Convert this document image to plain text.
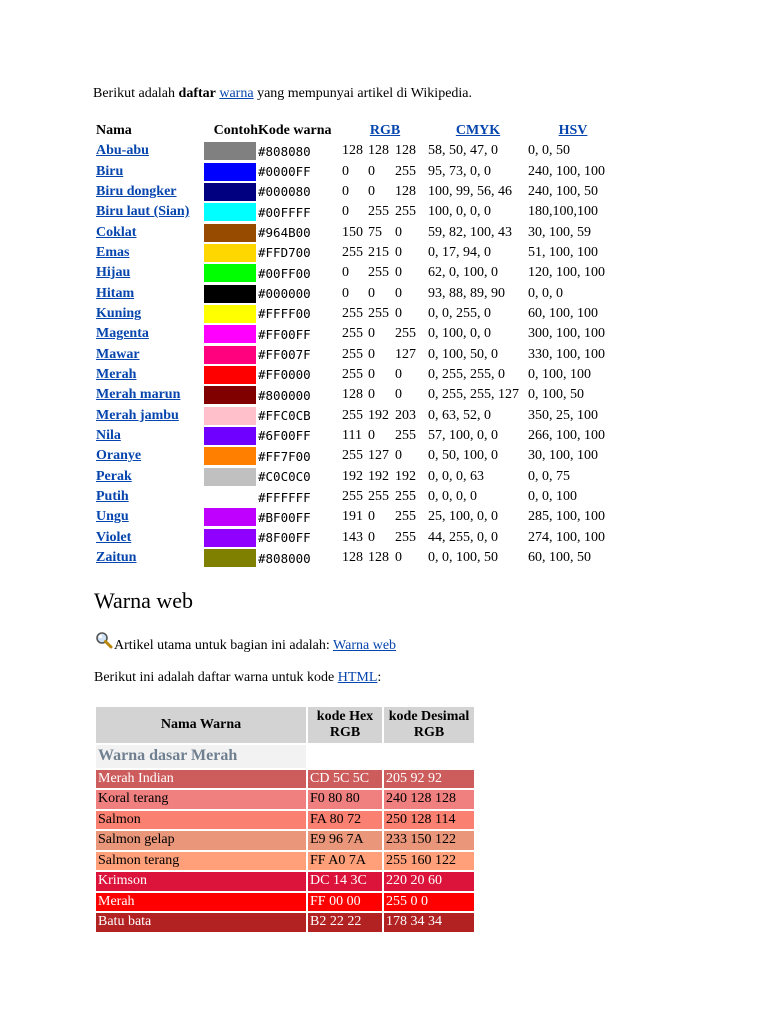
Berikut adalah daftar warna yang mempunyai artikel di Wikipedia.
Nama	Contoh	Kode warna	RGB	CMYK	HSV
Abu-abu		#808080	128 128 128	58, 50, 47, 0	0, 0, 50
Biru		#0000FF	0 0 255	95, 73, 0, 0	240, 100, 100
Biru dongker		#000080	0 0 128	100, 99, 56, 46	240, 100, 50
Biru laut (Sian)		#00FFFF	0 255 255	100, 0, 0, 0	180,100,100
Coklat		#964B00	150 75 0	59, 82, 100, 43	30, 100, 59
Emas		#FFD700	255 215 0	0, 17, 94, 0	51, 100, 100
Hijau		#00FF00	0 255 0	62, 0, 100, 0	120, 100, 100
Hitam		#000000	0 0 0	93, 88, 89, 90	0, 0, 0
Kuning		#FFFF00	255 255 0	0, 0, 255, 0	60, 100, 100
Magenta		#FF00FF	255 0 255	0, 100, 0, 0	300, 100, 100
Mawar		#FF007F	255 0 127	0, 100, 50, 0	330, 100, 100
Merah		#FF0000	255 0 0	0, 255, 255, 0	0, 100, 100
Merah marun		#800000	128 0 0	0, 255, 255, 127	0, 100, 50
Merah jambu		#FFC0CB	255 192 203	0, 63, 52, 0	350, 25, 100
Nila		#6F00FF	111 0 255	57, 100, 0, 0	266, 100, 100
Oranye		#FF7F00	255 127 0	0, 50, 100, 0	30, 100, 100
Perak		#C0C0C0	192 192 192	0, 0, 0, 63	0, 0, 75
Putih		#FFFFFF	255 255 255	0, 0, 0, 0	0, 0, 100
Ungu		#BF00FF	191 0 255	25, 100, 0, 0	285, 100, 100
Violet		#8F00FF	143 0 255	44, 255, 0, 0	274, 100, 100
Zaitun		#808000	128 128 0	0, 0, 100, 50	60, 100, 50
Warna web
Artikel utama untuk bagian ini adalah: Warna web
Berikut ini adalah daftar warna untuk kode HTML:
Nama Warna	kode Hex RGB	kode Desimal RGB
Warna dasar Merah		
Merah Indian	CD 5C 5C	205 92 92
Koral terang	F0 80 80	240 128 128
Salmon	FA 80 72	250 128 114
Salmon gelap	E9 96 7A	233 150 122
Salmon terang	FF A0 7A	255 160 122
Krimson	DC 14 3C	220 20 60
Merah	FF 00 00	255 0 0
Batu bata	B2 22 22	178 34 34
